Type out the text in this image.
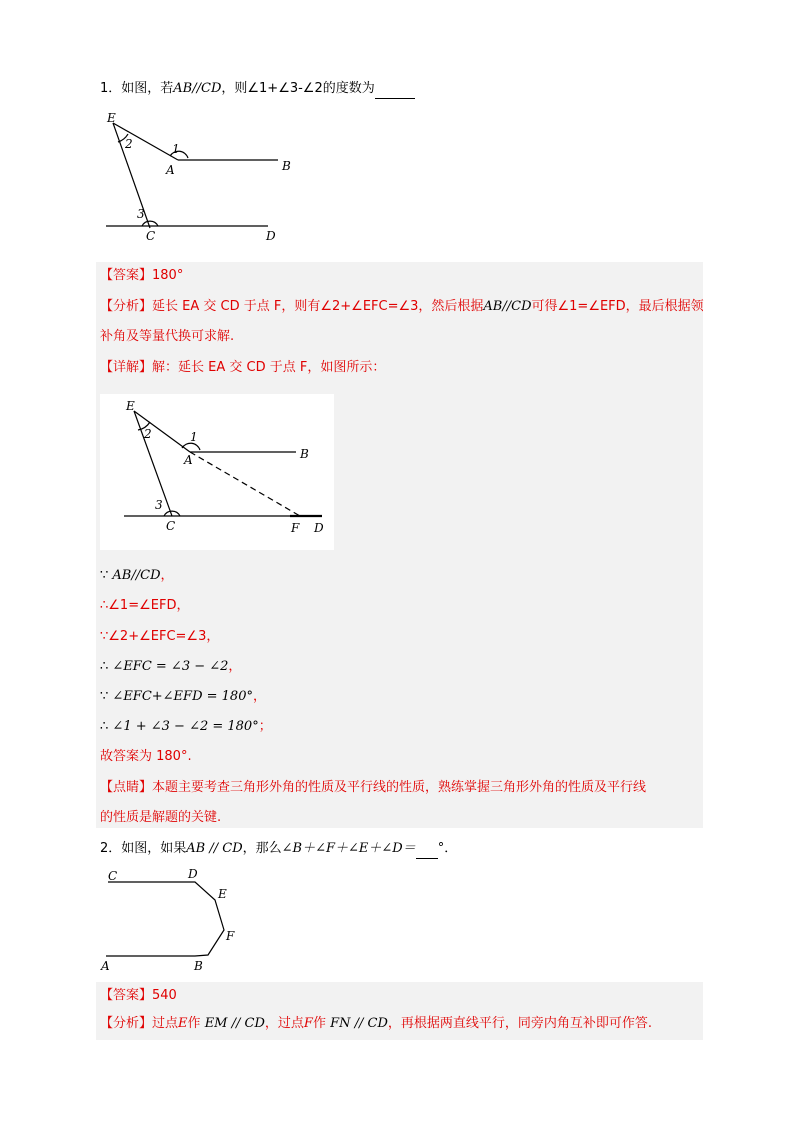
1．如图，若AB//CD，则∠1+∠3-∠2的度数为
E
2	1
A	B
3
C	D
【答案】180°
【分析】延长 EA 交 CD 于点 F，则有∠2+∠EFC=∠3，然后根据AB//CD可得∠1=∠EFD，最后根据领
补角及等量代换可求解.
【详解】解：延长 EA 交 CD 于点 F，如图所示：
E
2	1
A	B
3
C	F D
∵ AB//CD，
∴∠1=∠EFD，
∵∠2+∠EFC=∠3，
∴ ∠EFC = ∠3 − ∠2，
∵ ∠EFC+∠EFD = 180°，
∴ ∠1 + ∠3 − ∠2 = 180°；
故答案为 180°.
【点睛】本题主要考查三角形外角的性质及平行线的性质，熟练掌握三角形外角的性质及平行线
的性质是解题的关键.
2．如图，如果AB // CD，那么∠B＋∠F＋∠E＋∠D＝ °．
C	D
E
F
A	B
【答案】540
【分析】过点E作 EM // CD，过点F作 FN // CD，再根据两直线平行，同旁内角互补即可作答.
